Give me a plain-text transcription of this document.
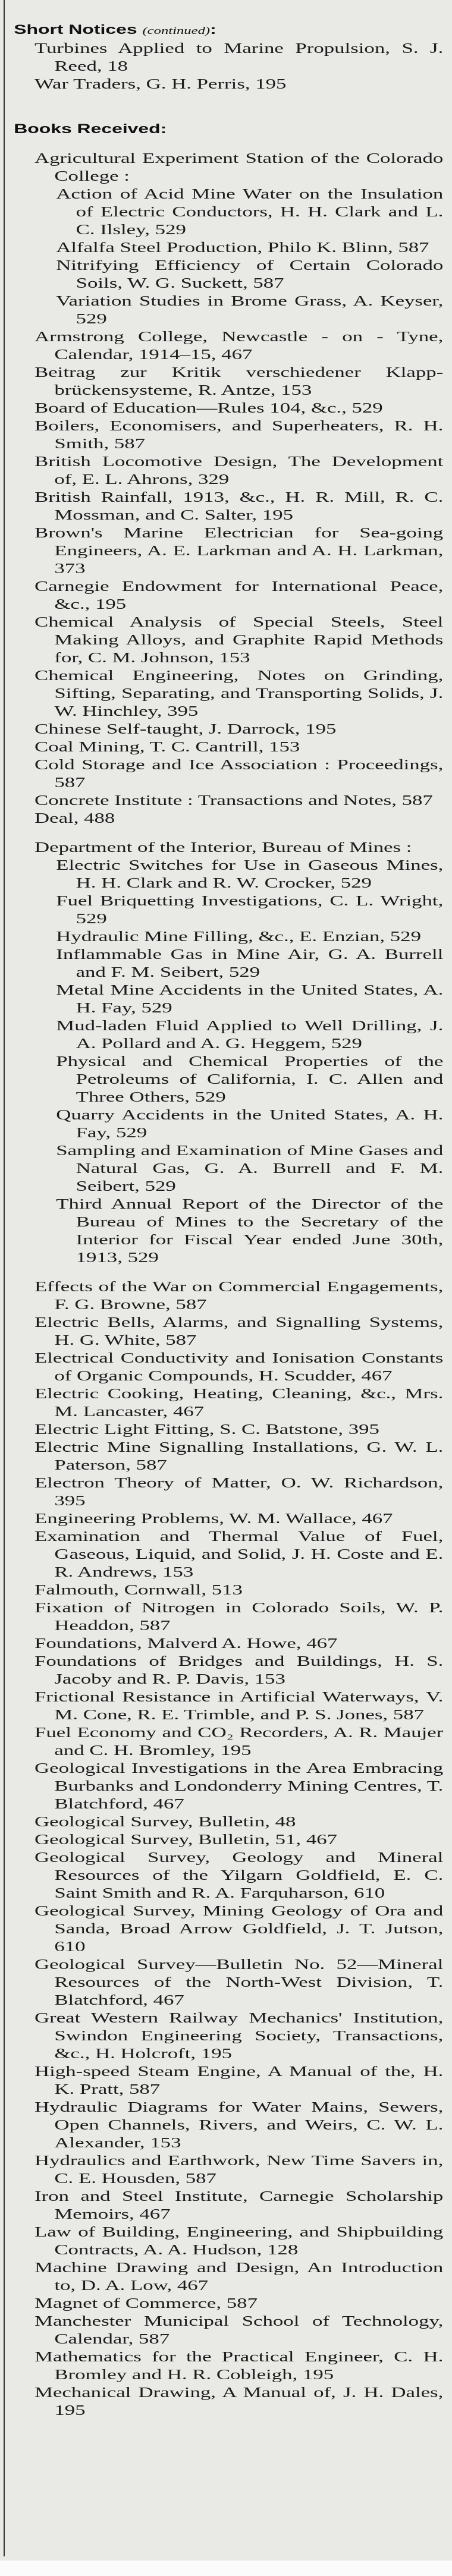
Short Notices (continued):
Turbines Applied to Marine Propulsion, S. J. Reed, 18
War Traders, G. H. Perris, 195
Books Received:
Agricultural Experiment Station of the Colorado College :
Action of Acid Mine Water on the Insulation of Electric Conductors, H. H. Clark and L. C. Ilsley, 529
Alfalfa Steel Production, Philo K. Blinn, 587
Nitrifying Efficiency of Certain Colorado Soils, W. G. Suckett, 587
Variation Studies in Brome Grass, A. Keyser, 529
Armstrong College, Newcastle - on - Tyne, Calendar, 1914–15, 467
Beitrag zur Kritik verschiedener Klappbrückensysteme, R. Antze, 153
Board of Education—Rules 104, &c., 529
Boilers, Economisers, and Superheaters, R. H. Smith, 587
British Locomotive Design, The Development of, E. L. Ahrons, 329
British Rainfall, 1913, &c., H. R. Mill, R. C. Mossman, and C. Salter, 195
Brown's Marine Electrician for Sea-going Engineers, A. E. Larkman and A. H. Larkman, 373
Carnegie Endowment for International Peace, &c., 195
Chemical Analysis of Special Steels, Steel Making Alloys, and Graphite Rapid Methods for, C. M. Johnson, 153
Chemical Engineering, Notes on Grinding, Sifting, Separating, and Transporting Solids, J. W. Hinchley, 395
Chinese Self-taught, J. Darrock, 195
Coal Mining, T. C. Cantrill, 153
Cold Storage and Ice Association : Proceedings, 587
Concrete Institute : Transactions and Notes, 587
Deal, 488
Department of the Interior, Bureau of Mines :
Electric Switches for Use in Gaseous Mines, H. H. Clark and R. W. Crocker, 529
Fuel Briquetting Investigations, C. L. Wright, 529
Hydraulic Mine Filling, &c., E. Enzian, 529
Inflammable Gas in Mine Air, G. A. Burrell and F. M. Seibert, 529
Metal Mine Accidents in the United States, A. H. Fay, 529
Mud-laden Fluid Applied to Well Drilling, J. A. Pollard and A. G. Heggem, 529
Physical and Chemical Properties of the Petroleums of California, I. C. Allen and Three Others, 529
Quarry Accidents in the United States, A. H. Fay, 529
Sampling and Examination of Mine Gases and Natural Gas, G. A. Burrell and F. M. Seibert, 529
Third Annual Report of the Director of the Bureau of Mines to the Secretary of the Interior for Fiscal Year ended June 30th, 1913, 529
Effects of the War on Commercial Engagements, F. G. Browne, 587
Electric Bells, Alarms, and Signalling Systems, H. G. White, 587
Electrical Conductivity and Ionisation Constants of Organic Compounds, H. Scudder, 467
Electric Cooking, Heating, Cleaning, &c., Mrs. M. Lancaster, 467
Electric Light Fitting, S. C. Batstone, 395
Electric Mine Signalling Installations, G. W. L. Paterson, 587
Electron Theory of Matter, O. W. Richardson, 395
Engineering Problems, W. M. Wallace, 467
Examination and Thermal Value of Fuel, Gaseous, Liquid, and Solid, J. H. Coste and E. R. Andrews, 153
Falmouth, Cornwall, 513
Fixation of Nitrogen in Colorado Soils, W. P. Headdon, 587
Foundations, Malverd A. Howe, 467
Foundations of Bridges and Buildings, H. S. Jacoby and R. P. Davis, 153
Frictional Resistance in Artificial Waterways, V. M. Cone, R. E. Trimble, and P. S. Jones, 587
Fuel Economy and CO₂ Recorders, A. R. Maujer and C. H. Bromley, 195
Geological Investigations in the Area Embracing Burbanks and Londonderry Mining Centres, T. Blatchford, 467
Geological Survey, Bulletin, 48
Geological Survey, Bulletin, 51, 467
Geological Survey, Geology and Mineral Resources of the Yilgarn Goldfield, E. C. Saint Smith and R. A. Farquharson, 610
Geological Survey, Mining Geology of Ora and Sanda, Broad Arrow Goldfield, J. T. Jutson, 610
Geological Survey—Bulletin No. 52—Mineral Resources of the North-West Division, T. Blatchford, 467
Great Western Railway Mechanics' Institution, Swindon Engineering Society, Transactions, &c., H. Holcroft, 195
High-speed Steam Engine, A Manual of the, H. K. Pratt, 587
Hydraulic Diagrams for Water Mains, Sewers, Open Channels, Rivers, and Weirs, C. W. L. Alexander, 153
Hydraulics and Earthwork, New Time Savers in, C. E. Housden, 587
Iron and Steel Institute, Carnegie Scholarship Memoirs, 467
Law of Building, Engineering, and Shipbuilding Contracts, A. A. Hudson, 128
Machine Drawing and Design, An Introduction to, D. A. Low, 467
Magnet of Commerce, 587
Manchester Municipal School of Technology, Calendar, 587
Mathematics for the Practical Engineer, C. H. Bromley and H. R. Cobleigh, 195
Mechanical Drawing, A Manual of, J. H. Dales, 195
